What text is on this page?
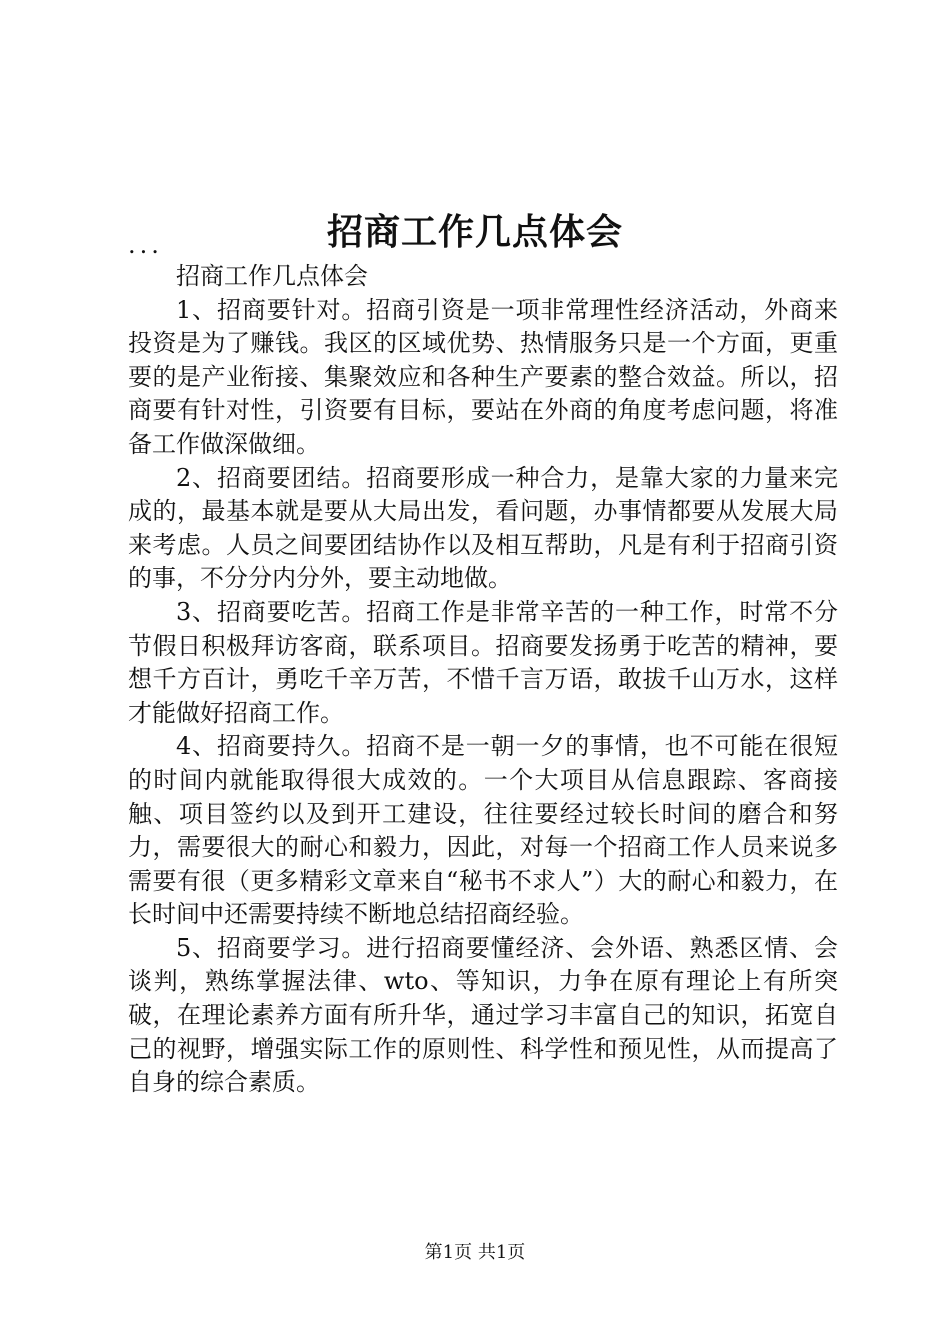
招商工作几点体会

...

招商工作几点体会

1、招商要针对。招商引资是一项非常理性经济活动，外商来投资是为了赚钱。我区的区域优势、热情服务只是一个方面，更重要的是产业衔接、集聚效应和各种生产要素的整合效益。所以，招商要有针对性，引资要有目标，要站在外商的角度考虑问题，将准备工作做深做细。

2、招商要团结。招商要形成一种合力，是靠大家的力量来完成的，最基本就是要从大局出发，看问题，办事情都要从发展大局来考虑。人员之间要团结协作以及相互帮助，凡是有利于招商引资的事，不分分内分外，要主动地做。

3、招商要吃苦。招商工作是非常辛苦的一种工作，时常不分节假日积极拜访客商，联系项目。招商要发扬勇于吃苦的精神，要想千方百计，勇吃千辛万苦，不惜千言万语，敢拔千山万水，这样才能做好招商工作。

4、招商要持久。招商不是一朝一夕的事情，也不可能在很短的时间内就能取得很大成效的。一个大项目从信息跟踪、客商接触、项目签约以及到开工建设，往往要经过较长时间的磨合和努力，需要很大的耐心和毅力，因此，对每一个招商工作人员来说多需要有很（更多精彩文章来自“秘书不求人”）大的耐心和毅力，在长时间中还需要持续不断地总结招商经验。

5、招商要学习。进行招商要懂经济、会外语、熟悉区情、会谈判，熟练掌握法律、wto、等知识，力争在原有理论上有所突破，在理论素养方面有所升华，通过学习丰富自己的知识，拓宽自己的视野，增强实际工作的原则性、科学性和预见性，从而提高了自身的综合素质。

第1页 共1页
